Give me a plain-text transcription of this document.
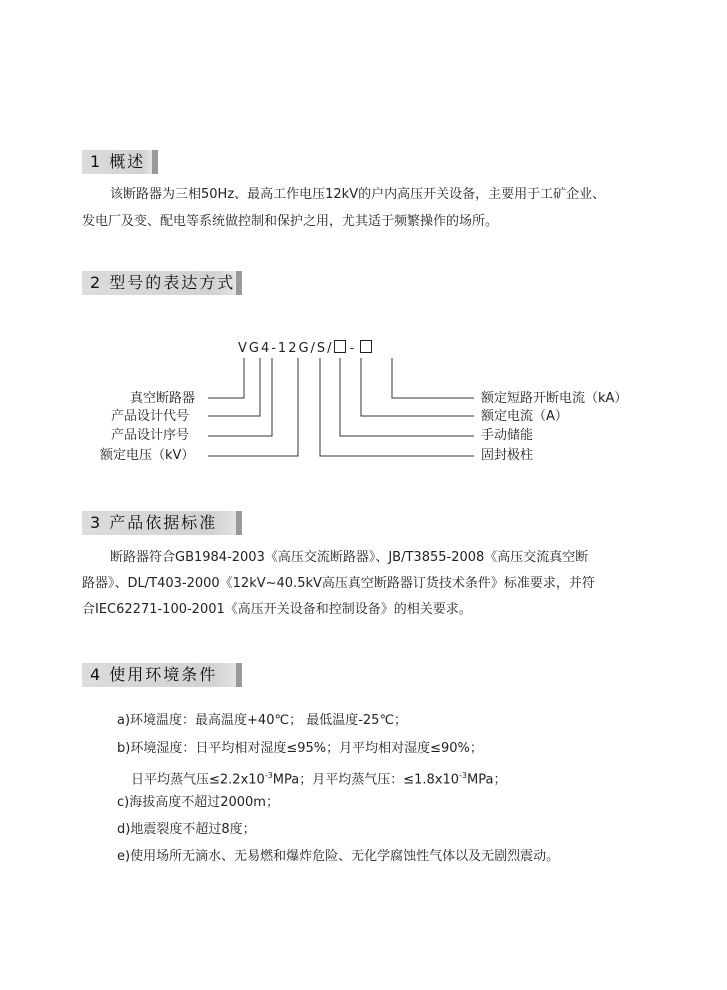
1 概述
该断路器为三相50Hz、最高工作电压12kV的户内高压开关设备，主要用于工矿企业、
发电厂及变、配电等系统做控制和保护之用，尤其适于频繁操作的场所。
2 型号的表达方式
VG4-12G/S/ -
真空断路器
产品设计代号
产品设计序号
额定电压（kV）
额定短路开断电流（kA）
额定电流（A）
手动储能
固封极柱
3 产品依据标准
断路器符合GB1984-2003《高压交流断路器》、JB/T3855-2008《高压交流真空断
路器》、DL/T403-2000《12kV~40.5kV高压真空断路器订货技术条件》标准要求，并符
合IEC62271-100-2001《高压开关设备和控制设备》的相关要求。
4 使用环境条件
a)环境温度：最高温度+40℃； 最低温度-25℃；
b)环境湿度：日平均相对湿度≤95%；月平均相对湿度≤90%；
日平均蒸气压$\le 2.2x10^{-3}MPa$；月平均蒸气压：$\le 1.8x10^{-3}MPa$；
c)海拔高度不超过2000m；
d)地震裂度不超过8度；
e)使用场所无滴水、无易燃和爆炸危险、无化学腐蚀性气体以及无剧烈震动。
